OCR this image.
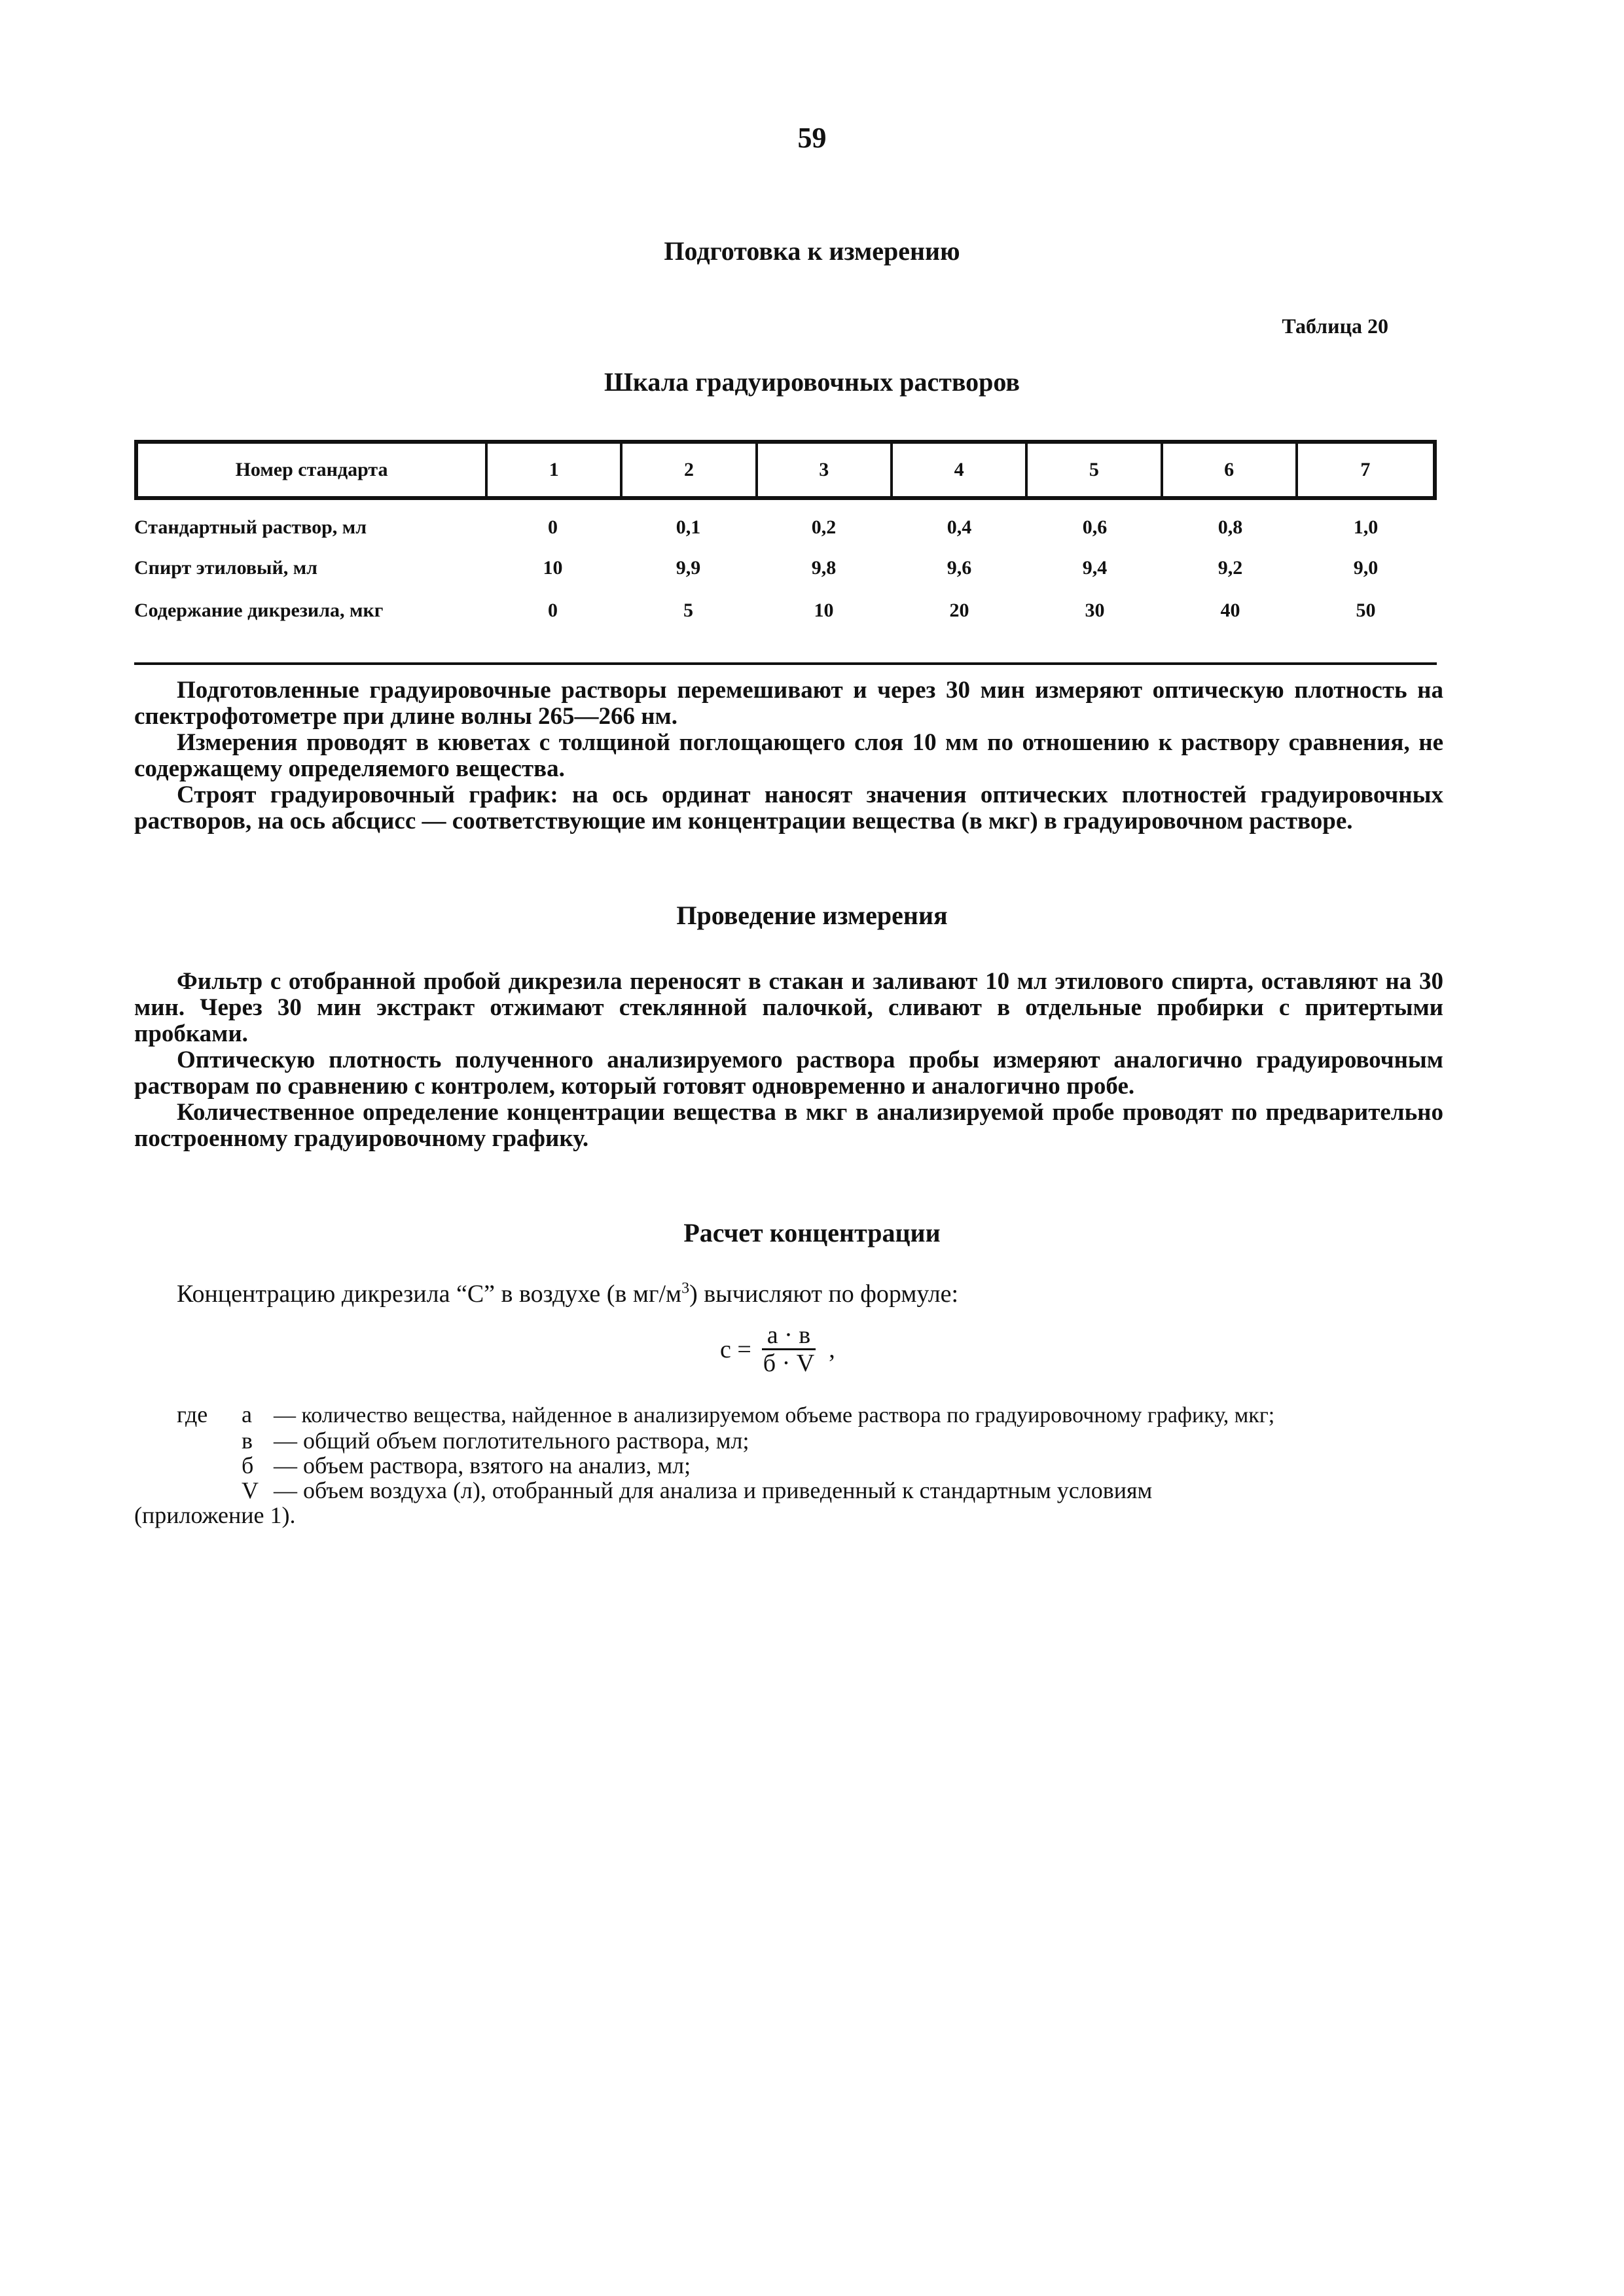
59
Подготовка к измерению
Таблица 20
Шкала градуировочных растворов
Номер стандарта	1	2	3	4	5	6	7
Стандартный раствор, мл	0	0,1	0,2	0,4	0,6	0,8	1,0
Спирт этиловый, мл	10	9,9	9,8	9,6	9,4	9,2	9,0
Содержание дикрезила, мкг	0	5	10	20	30	40	50

Подготовленные градуировочные растворы перемешивают и через 30 мин измеряют оптическую плотность на спектрофотометре при длине волны 265—266 нм.

Измерения проводят в кюветах с толщиной поглощающего слоя 10 мм по отношению к раствору сравнения, не содержащему определяемого вещества.

Строят градуировочный график: на ось ординат наносят значения оптических плотностей градуировочных растворов, на ось абсцисс — соответствующие им концентрации вещества (в мкг) в градуировочном растворе.

Проведение измерения

Фильтр с отобранной пробой дикрезила переносят в стакан и заливают 10 мл этилового спирта, оставляют на 30 мин. Через 30 мин экстракт отжимают стеклянной палочкой, сливают в отдельные пробирки с притертыми пробками.

Оптическую плотность полученного анализируемого раствора пробы измеряют аналогично градуировочным растворам по сравнению с контролем, который готовят одновременно и аналогично пробе.

Количественное определение концентрации вещества в мкг в анализируемой пробе проводят по предварительно построенному градуировочному графику.

Расчет концентрации
Концентрацию дикрезила “С” в воздухе (в $мг/м^3$) вычисляют по формуле:
с =
а · в
б · V
,
где а — количество вещества, найденное в анализируемом объеме раствора по градуировочному графику, мкг;
в — общий объем поглотительного раствора, мл;
б — объем раствора, взятого на анализ, мл;
V — объем воздуха (л), отобранный для анализа и приведенный к стандартным условиям
(приложение 1).
